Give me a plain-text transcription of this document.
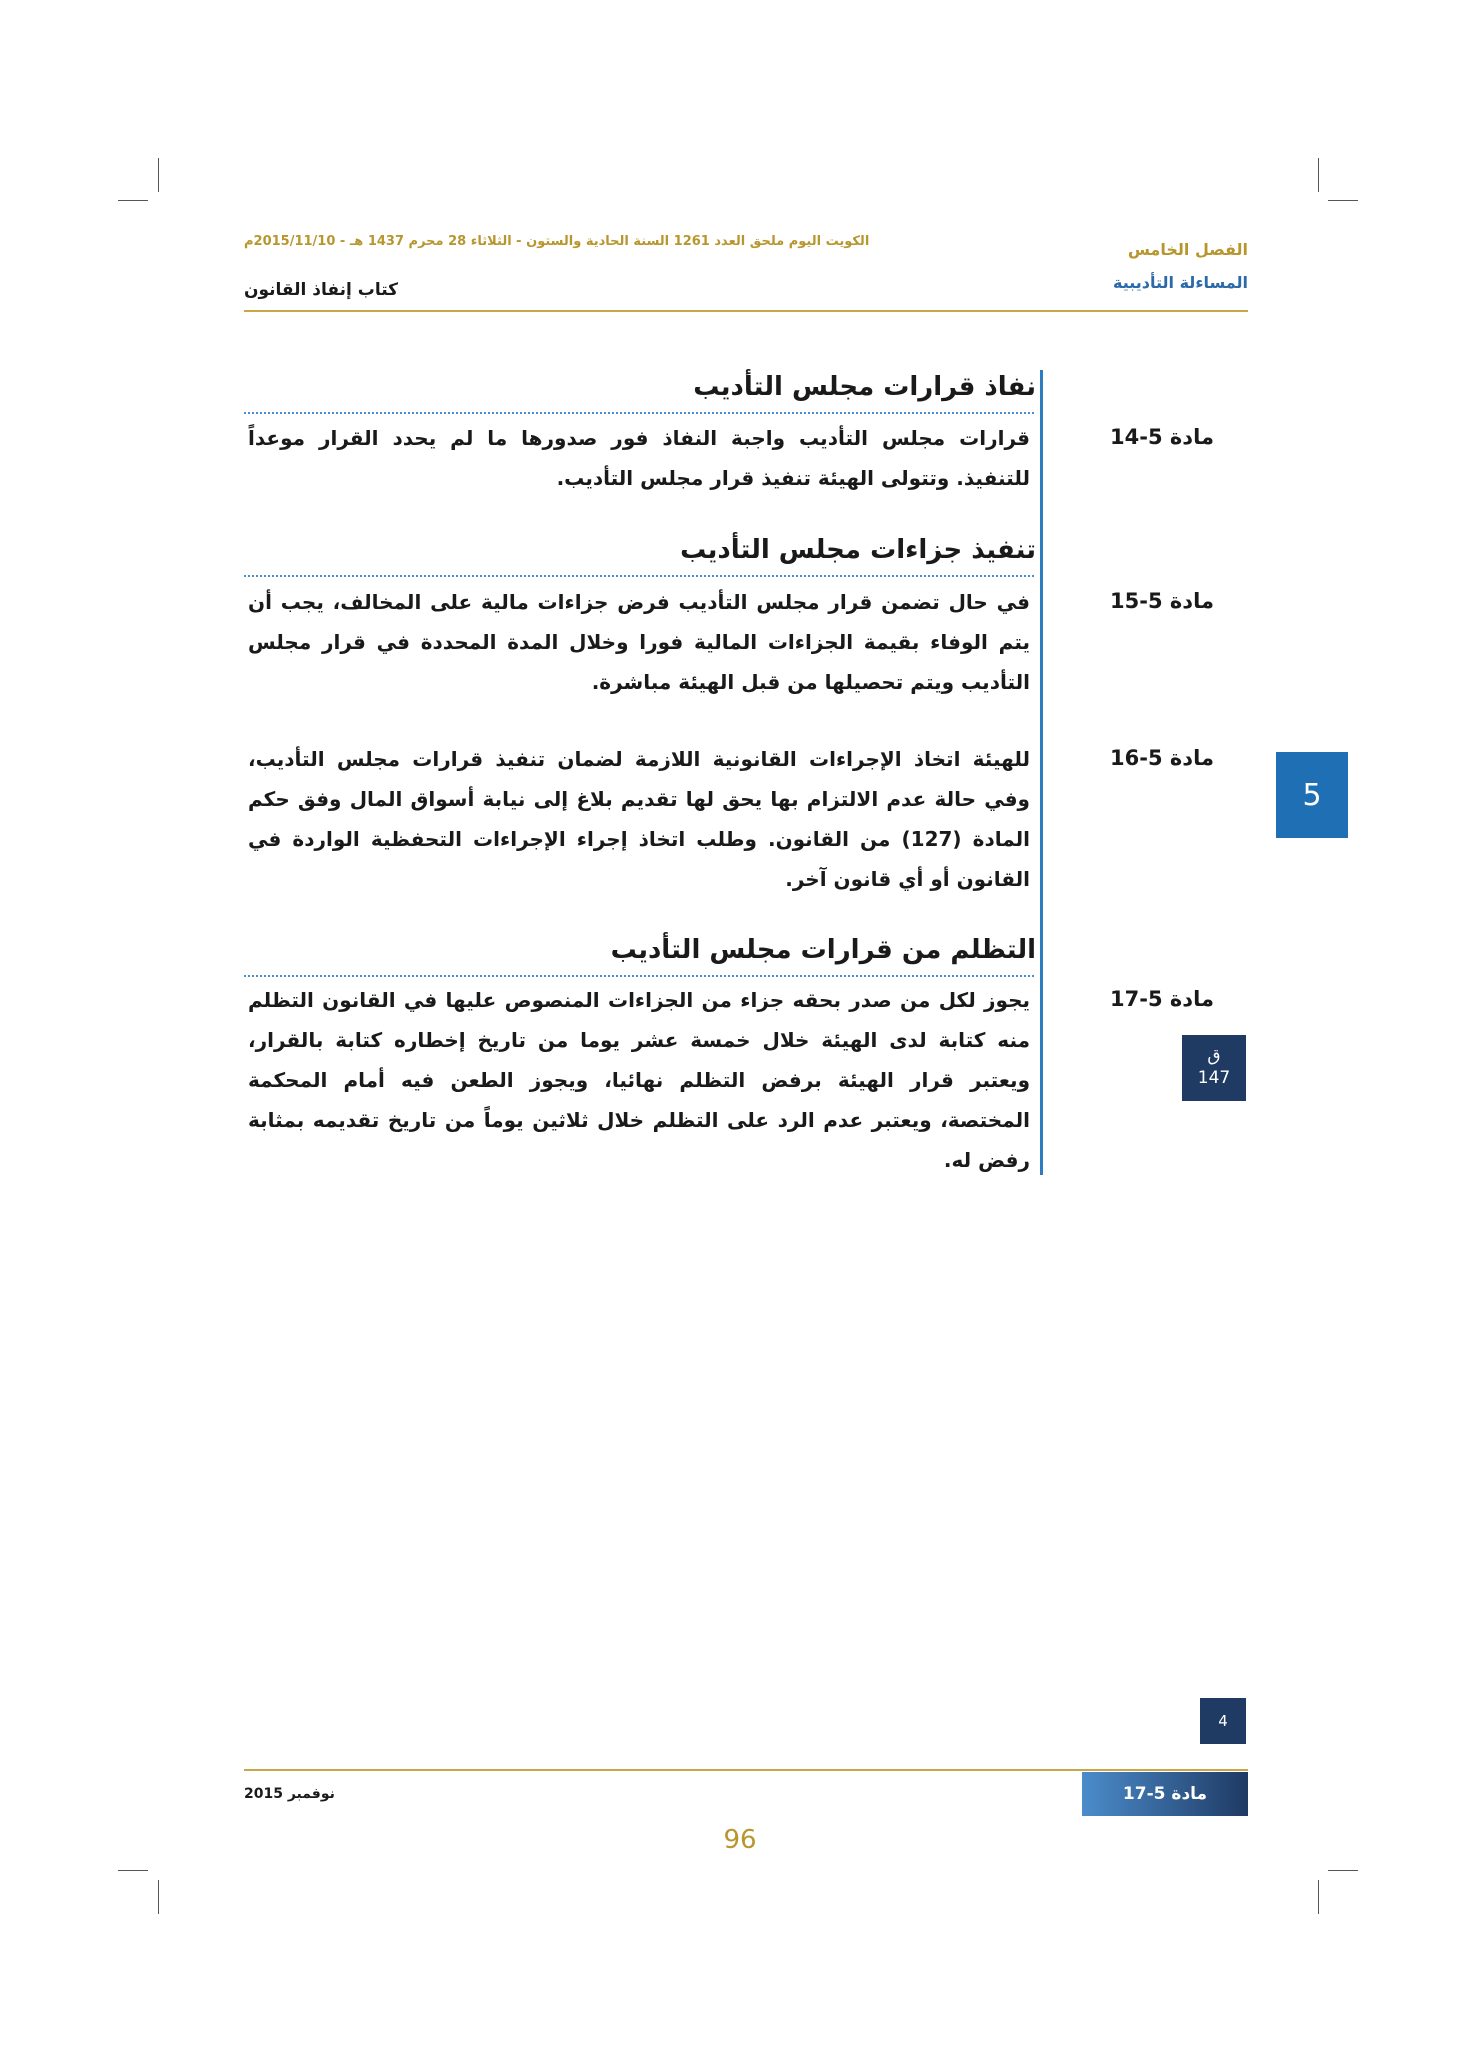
الفصل الخامس
المساءلة التأديبية
الكويت اليوم ملحق العدد 1261 السنة الحادية والستون - الثلاثاء 28 محرم 1437 هـ - 2015/11/10م
كتاب إنفاذ القانون
نفاذ قرارات مجلس التأديب
مادة 5-14
قرارات مجلس التأديب واجبة النفاذ فور صدورها ما لم يحدد القرار موعداً للتنفيذ. وتتولى الهيئة تنفيذ قرار مجلس التأديب.
تنفيذ جزاءات مجلس التأديب
مادة 5-15
في حال تضمن قرار مجلس التأديب فرض جزاءات مالية على المخالف، يجب أن يتم الوفاء بقيمة الجزاءات المالية فورا وخلال المدة المحددة في قرار مجلس التأديب ويتم تحصيلها من قبل الهيئة مباشرة.
مادة 5-16
للهيئة اتخاذ الإجراءات القانونية اللازمة لضمان تنفيذ قرارات مجلس التأديب، وفي حالة عدم الالتزام بها يحق لها تقديم بلاغ إلى نيابة أسواق المال وفق حكم المادة (127) من القانون. وطلب اتخاذ إجراء الإجراءات التحفظية الواردة في القانون أو أي قانون آخر.
التظلم من قرارات مجلس التأديب
مادة 5-17
يجوز لكل من صدر بحقه جزاء من الجزاءات المنصوص عليها في القانون التظلم منه كتابة لدى الهيئة خلال خمسة عشر يوما من تاريخ إخطاره كتابة بالقرار، ويعتبر قرار الهيئة برفض التظلم نهائيا، ويجوز الطعن فيه أمام المحكمة المختصة، ويعتبر عدم الرد على التظلم خلال ثلاثين يوماً من تاريخ تقديمه بمثابة رفض له.
5
ق
147
4
مادة 5-17
نوفمبر 2015
96
